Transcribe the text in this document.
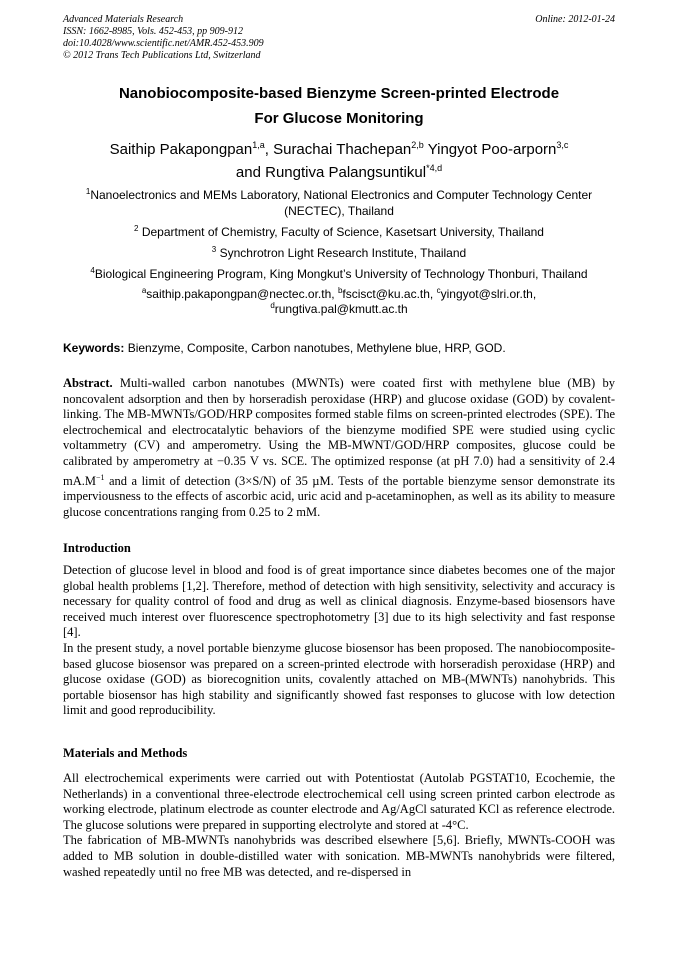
Advanced Materials Research
ISSN: 1662-8985, Vols. 452-453, pp 909-912
doi:10.4028/www.scientific.net/AMR.452-453.909
© 2012 Trans Tech Publications Ltd, Switzerland
Online: 2012-01-24
Nanobiocomposite-based Bienzyme Screen-printed Electrode
For Glucose Monitoring
Saithip Pakapongpan$^{1,a}$, Surachai Thachepan$^{2,b}$ Yingyot Poo-arporn$^{3,c}$
and Rungtiva Palangsuntikul$^{*4,d}$
$^1$Nanoelectronics and MEMs Laboratory, National Electronics and Computer Technology Center (NECTEC), Thailand
$^2$ Department of Chemistry, Faculty of Science, Kasetsart University, Thailand
$^3$ Synchrotron Light Research Institute, Thailand
$^4$Biological Engineering Program, King Mongkut’s University of Technology Thonburi, Thailand
$^a$saithip.pakapongpan@nectec.or.th, $^b$fscisct@ku.ac.th, $^c$yingyot@slri.or.th,
$^d$rungtiva.pal@kmutt.ac.th
Keywords: Bienzyme, Composite, Carbon nanotubes, Methylene blue, HRP, GOD.

Abstract. Multi-walled carbon nanotubes (MWNTs) were coated first with methylene blue (MB) by noncovalent adsorption and then by horseradish peroxidase (HRP) and glucose oxidase (GOD) by covalent-linking. The MB-MWNTs/GOD/HRP composites formed stable films on screen-printed electrodes (SPE). The electrochemical and electrocatalytic behaviors of the bienzyme modified SPE were studied using cyclic voltammetry (CV) and amperometry. Using the MB-MWNT/GOD/HRP composites, glucose could be calibrated by amperometry at −0.35 V vs. SCE. The optimized response (at pH 7.0) had a sensitivity of 2.4 $mA.M^{-1}$ and a limit of detection (3×S/N) of 35 µM. Tests of the portable bienzyme sensor demonstrate its imperviousness to the effects of ascorbic acid, uric acid and p-acetaminophen, as well as its ability to measure glucose concentrations ranging from 0.25 to 2 mM.

Introduction

Detection of glucose level in blood and food is of great importance since diabetes becomes one of the major global health problems [1,2]. Therefore, method of detection with high sensitivity, selectivity and accuracy is necessary for quality control of food and drug as well as clinical diagnosis. Enzyme-based biosensors have received much interest over fluorescence spectrophotometry [3] due to its high selectivity and fast response [4].

In the present study, a novel portable bienzyme glucose biosensor has been proposed. The nanobiocomposite-based glucose biosensor was prepared on a screen-printed electrode with horseradish peroxidase (HRP) and glucose oxidase (GOD) as biorecognition units, covalently attached on MB-(MWNTs) nanohybrids. This portable biosensor has high stability and significantly showed fast responses to glucose with low detection limit and good reproducibility.

Materials and Methods

All electrochemical experiments were carried out with Potentiostat (Autolab PGSTAT10, Ecochemie, the Netherlands) in a conventional three-electrode electrochemical cell using screen printed carbon electrode as working electrode, platinum electrode as counter electrode and Ag/AgCl saturated KCl as reference electrode. The glucose solutions were prepared in supporting electrolyte and stored at -4°C.

The fabrication of MB-MWNTs nanohybrids was described elsewhere [5,6]. Briefly, MWNTs-COOH was added to MB solution in double-distilled water with sonication. MB-MWNTs nanohybrids were filtered, washed repeatedly until no free MB was detected, and re-dispersed in
